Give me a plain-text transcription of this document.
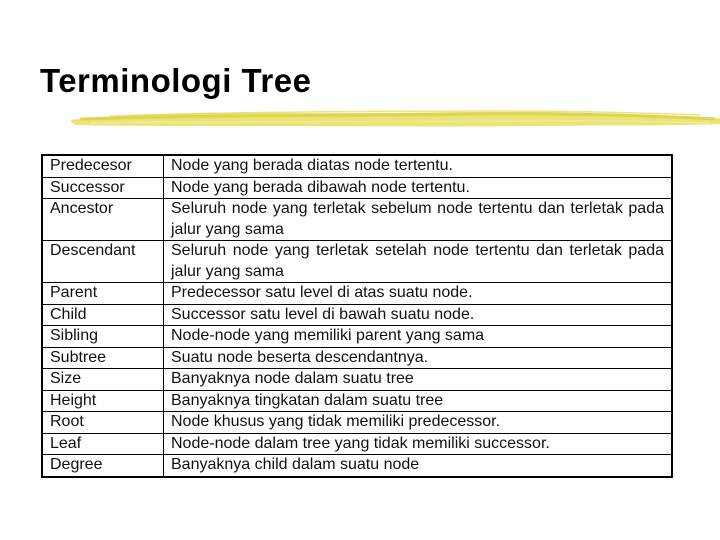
Terminologi Tree
Predecesor	Node yang berada diatas node tertentu.
Successor	Node yang berada dibawah node tertentu.
Ancestor	Seluruh node yang terletak sebelum node tertentu dan terletak pada jalur yang sama
Descendant	Seluruh node yang terletak setelah node tertentu dan terletak pada jalur yang sama
Parent	Predecessor satu level di atas suatu node.
Child	Successor satu level di bawah suatu node.
Sibling	Node-node yang memiliki parent yang sama
Subtree	Suatu node beserta descendantnya.
Size	Banyaknya node dalam suatu tree
Height	Banyaknya tingkatan dalam suatu tree
Root	Node khusus yang tidak memiliki predecessor.
Leaf	Node-node dalam tree yang tidak memiliki successor.
Degree	Banyaknya child dalam suatu node
